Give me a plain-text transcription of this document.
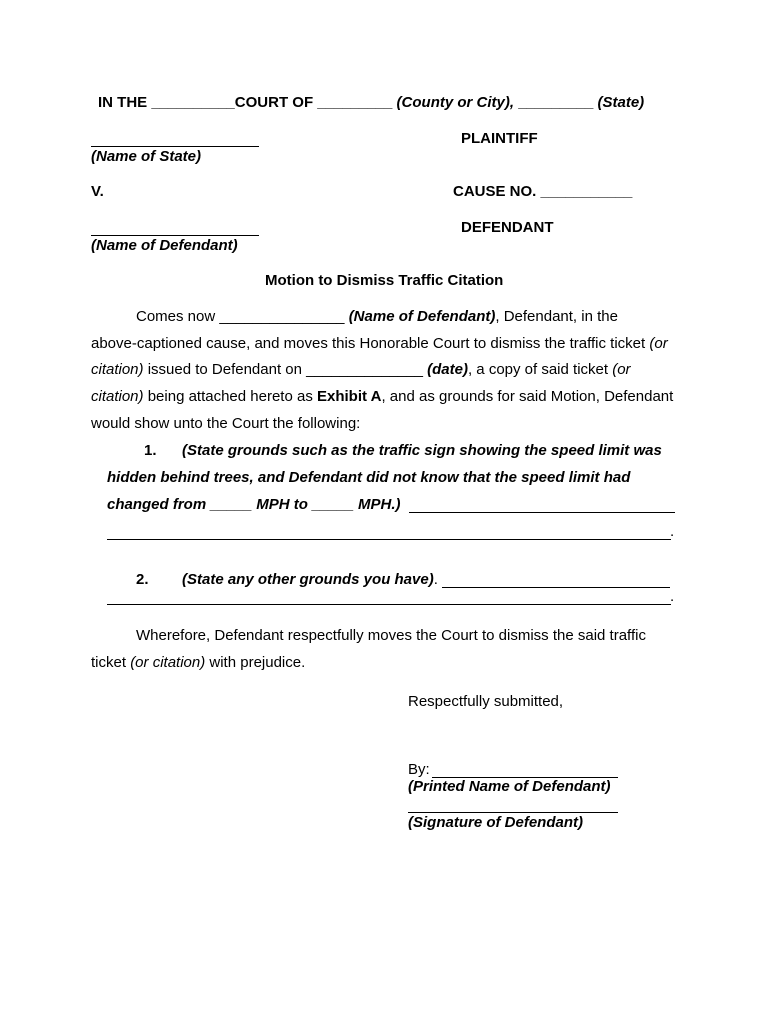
IN THE __________COURT OF _________ (County or City), _________ (State)
PLAINTIFF
(Name of State)
V.	CAUSE NO. ___________
DEFENDANT
(Name of Defendant)
Motion to Dismiss Traffic Citation
Comes now _______________ (Name of Defendant), Defendant, in the
above-captioned cause, and moves this Honorable Court to dismiss the traffic ticket (or
citation) issued to Defendant on ______________ (date), a copy of said ticket (or
citation) being attached hereto as Exhibit A, and as grounds for said Motion, Defendant
would show unto the Court the following:
1. (State grounds such as the traffic sign showing the speed limit was
hidden behind trees, and Defendant did not know that the speed limit had
changed from _____ MPH to _____ MPH.)
.
2. (State any other grounds you have).
.
Wherefore, Defendant respectfully moves the Court to dismiss the said traffic
ticket (or citation) with prejudice.
Respectfully submitted,
By:
(Printed Name of Defendant)
(Signature of Defendant)
